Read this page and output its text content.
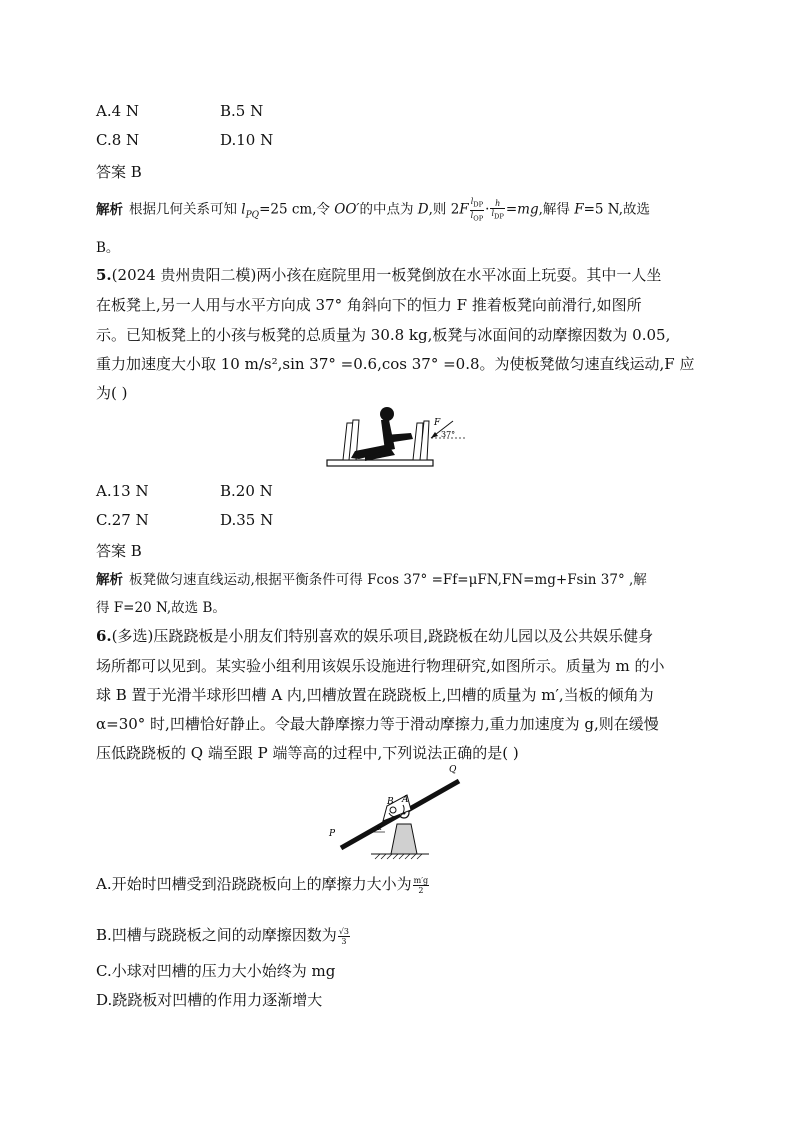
A.4 N	B.5 N
C.8 N	D.10 N
答案 B
解析 根据几何关系可知 $l_{PQ}=25$ cm,令 OO′的中点为 D,则 $2F \frac{l_{DP}}{l_{OP}} \cdot \frac{h}{l_{DP}} =mg$,解得 F=5 N,故选
B。
5.(2024 贵州贵阳二模)两小孩在庭院里用一板凳倒放在水平冰面上玩耍。其中一人坐
在板凳上,另一人用与水平方向成 37° 角斜向下的恒力 F 推着板凳向前滑行,如图所
示。已知板凳上的小孩与板凳的总质量为 30.8 kg,板凳与冰面间的动摩擦因数为 0.05,
重力加速度大小取 10 m/s²,sin 37° =0.6,cos 37° =0.8。为使板凳做匀速直线运动,F 应
为( )
F
37°
A.13 N	B.20 N
C.27 N	D.35 N
答案 B
解析 板凳做匀速直线运动,根据平衡条件可得 Fcos 37° =Ff=μFN,FN=mg+Fsin 37° ,解
得 F=20 N,故选 B。
6.(多选)压跷跷板是小朋友们特别喜欢的娱乐项目,跷跷板在幼儿园以及公共娱乐健身
场所都可以见到。某实验小组利用该娱乐设施进行物理研究,如图所示。质量为 m 的小
球 B 置于光滑半球形凹槽 A 内,凹槽放置在跷跷板上,凹槽的质量为 m′,当板的倾角为
α=30° 时,凹槽恰好静止。令最大静摩擦力等于滑动摩擦力,重力加速度为 g,则在缓慢
压低跷跷板的 Q 端至跟 P 端等高的过程中,下列说法正确的是( )
α
B A
Q
P
A.开始时凹槽受到沿跷跷板向上的摩擦力大小为 $\frac{m'g}{2}$
B.凹槽与跷跷板之间的动摩擦因数为 $\frac{√3}{3}$
C.小球对凹槽的压力大小始终为 mg
D.跷跷板对凹槽的作用力逐渐增大
